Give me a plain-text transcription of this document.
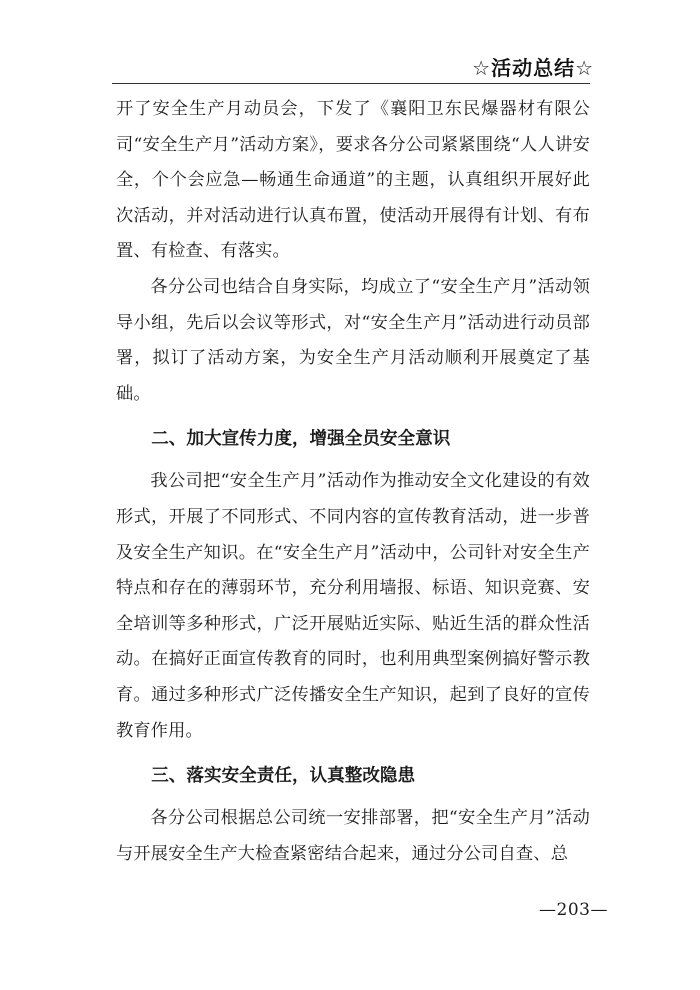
☆活动总结☆

开了安全生产月动员会，下发了《襄阳卫东民爆器材有限公司“安全生产月”活动方案》，要求各分公司紧紧围绕“人人讲安全，个个会应急—畅通生命通道”的主题，认真组织开展好此次活动，并对活动进行认真布置，使活动开展得有计划、有布置、有检查、有落实。

各分公司也结合自身实际，均成立了“安全生产月”活动领导小组，先后以会议等形式，对“安全生产月”活动进行动员部署，拟订了活动方案，为安全生产月活动顺利开展奠定了基础。

二、加大宣传力度，增强全员安全意识

我公司把“安全生产月”活动作为推动安全文化建设的有效形式，开展了不同形式、不同内容的宣传教育活动，进一步普及安全生产知识。在“安全生产月”活动中，公司针对安全生产特点和存在的薄弱环节，充分利用墙报、标语、知识竞赛、安全培训等多种形式，广泛开展贴近实际、贴近生活的群众性活动。在搞好正面宣传教育的同时，也利用典型案例搞好警示教育。通过多种形式广泛传播安全生产知识，起到了良好的宣传教育作用。

三、落实安全责任，认真整改隐患

各分公司根据总公司统一安排部署，把“安全生产月”活动与开展安全生产大检查紧密结合起来，通过分公司自查、总

—203—
